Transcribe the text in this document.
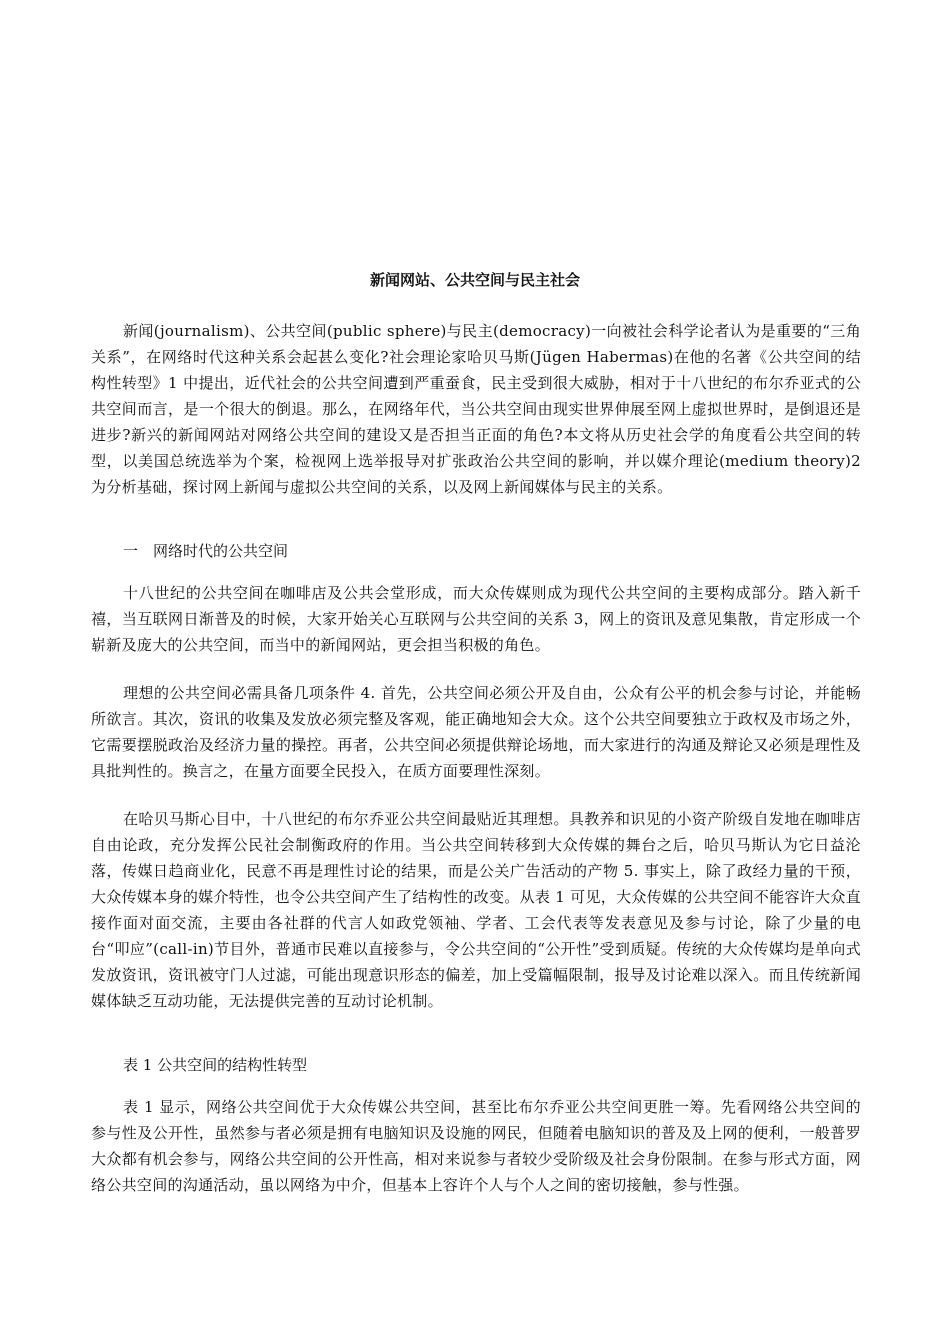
新闻网站、公共空间与民主社会

新闻(journalism)、公共空间(public sphere)与民主(democracy)一向被社会科学论者认为是重要的“三角关系”，在网络时代这种关系会起甚么变化?社会理论家哈贝马斯(Jügen Habermas)在他的名著《公共空间的结构性转型》1 中提出，近代社会的公共空间遭到严重蚕食，民主受到很大威胁，相对于十八世纪的布尔乔亚式的公共空间而言，是一个很大的倒退。那么，在网络年代，当公共空间由现实世界伸展至网上虚拟世界时，是倒退还是进步?新兴的新闻网站对网络公共空间的建设又是否担当正面的角色?本文将从历史社会学的角度看公共空间的转型，以美国总统选举为个案，检视网上选举报导对扩张政治公共空间的影响，并以媒介理论(medium theory)2 为分析基础，探讨网上新闻与虚拟公共空间的关系，以及网上新闻媒体与民主的关系。

一　网络时代的公共空间

十八世纪的公共空间在咖啡店及公共会堂形成，而大众传媒则成为现代公共空间的主要构成部分。踏入新千禧，当互联网日渐普及的时候，大家开始关心互联网与公共空间的关系 3，网上的资讯及意见集散，肯定形成一个崭新及庞大的公共空间，而当中的新闻网站，更会担当积极的角色。

理想的公共空间必需具备几项条件 4. 首先，公共空间必须公开及自由，公众有公平的机会参与讨论，并能畅所欲言。其次，资讯的收集及发放必须完整及客观，能正确地知会大众。这个公共空间要独立于政权及市场之外，它需要摆脱政治及经济力量的操控。再者，公共空间必须提供辩论场地，而大家进行的沟通及辩论又必须是理性及具批判性的。换言之，在量方面要全民投入，在质方面要理性深刻。

在哈贝马斯心目中，十八世纪的布尔乔亚公共空间最贴近其理想。具教养和识见的小资产阶级自发地在咖啡店自由论政，充分发挥公民社会制衡政府的作用。当公共空间转移到大众传媒的舞台之后，哈贝马斯认为它日益沦落，传媒日趋商业化，民意不再是理性讨论的结果，而是公关广告活动的产物 5. 事实上，除了政经力量的干预，大众传媒本身的媒介特性，也令公共空间产生了结构性的改变。从表 1 可见，大众传媒的公共空间不能容许大众直接作面对面交流，主要由各社群的代言人如政党领袖、学者、工会代表等发表意见及参与讨论，除了少量的电台“叩应”(call-in)节目外，普通市民难以直接参与，令公共空间的“公开性”受到质疑。传统的大众传媒均是单向式发放资讯，资讯被守门人过滤，可能出现意识形态的偏差，加上受篇幅限制，报导及讨论难以深入。而且传统新闻媒体缺乏互动功能，无法提供完善的互动讨论机制。

表 1 公共空间的结构性转型

表 1 显示，网络公共空间优于大众传媒公共空间，甚至比布尔乔亚公共空间更胜一筹。先看网络公共空间的参与性及公开性，虽然参与者必须是拥有电脑知识及设施的网民，但随着电脑知识的普及及上网的便利，一般普罗大众都有机会参与，网络公共空间的公开性高，相对来说参与者较少受阶级及社会身份限制。在参与形式方面，网络公共空间的沟通活动，虽以网络为中介，但基本上容许个人与个人之间的密切接触，参与性强。
